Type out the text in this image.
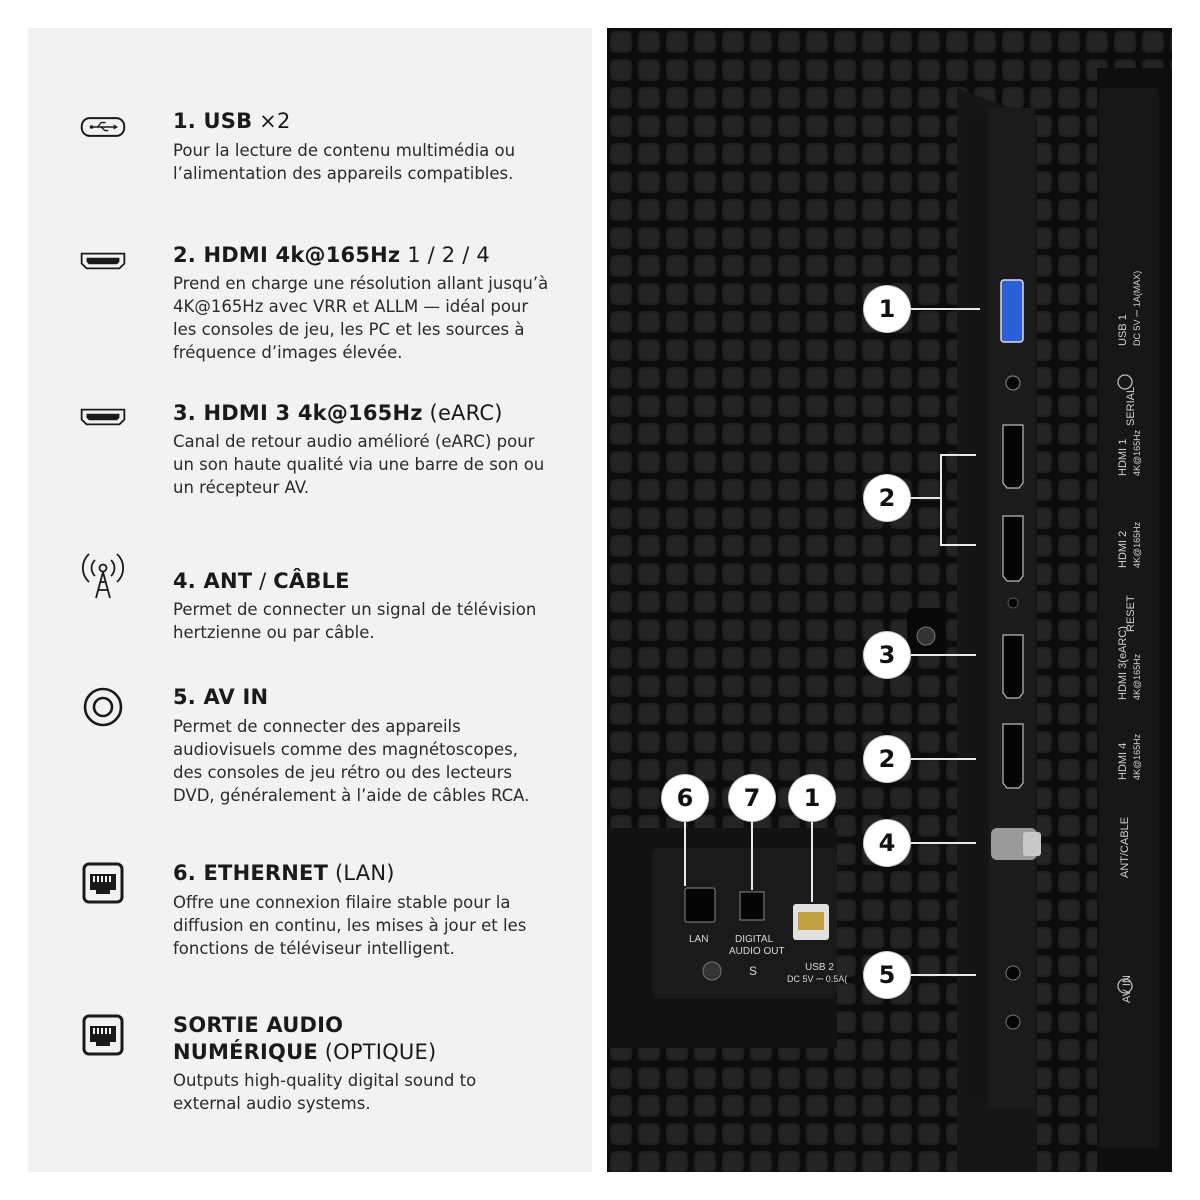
1. USB ×2
Pour la lecture de contenu multimédia ou
l’alimentation des appareils compatibles.
2. HDMI 4k@165Hz 1 / 2 / 4
Prend en charge une résolution allant jusqu’à
4K@165Hz avec VRR et ALLM — idéal pour
les consoles de jeu, les PC et les sources à
fréquence d’images élevée.
3. HDMI 3 4k@165Hz (eARC)
Canal de retour audio amélioré (eARC) pour
un son haute qualité via une barre de son ou
un récepteur AV.
4. ANT / CÂBLE
Permet de connecter un signal de télévision
hertzienne ou par câble.
5. AV IN
Permet de connecter des appareils
audiovisuels comme des magnétoscopes,
des consoles de jeu rétro ou des lecteurs
DVD, généralement à l’aide de câbles RCA.
6. ETHERNET (LAN)
Offre une connexion filaire stable pour la
diffusion en continu, les mises à jour et les
fonctions de téléviseur intelligent.
SORTIE AUDIO
NUMÉRIQUE (OPTIQUE)
Outputs high-quality digital sound to
external audio systems.
1
2
3
2
4
5
6	7	1
USB 1 DC 5V ⎓ 1A(MAX)
SERIAL
HDMI 1 4K@165Hz
HDMI 2 4K@165Hz
RESET
HDMI 3(eARC) 4K@165Hz
HDMI 4 4K@165Hz
ANT/CABLE
AV IN
LAN	DIGITAL
AUDIO OUT
USB 2
DC 5V ⎓ 0.5A(
S
